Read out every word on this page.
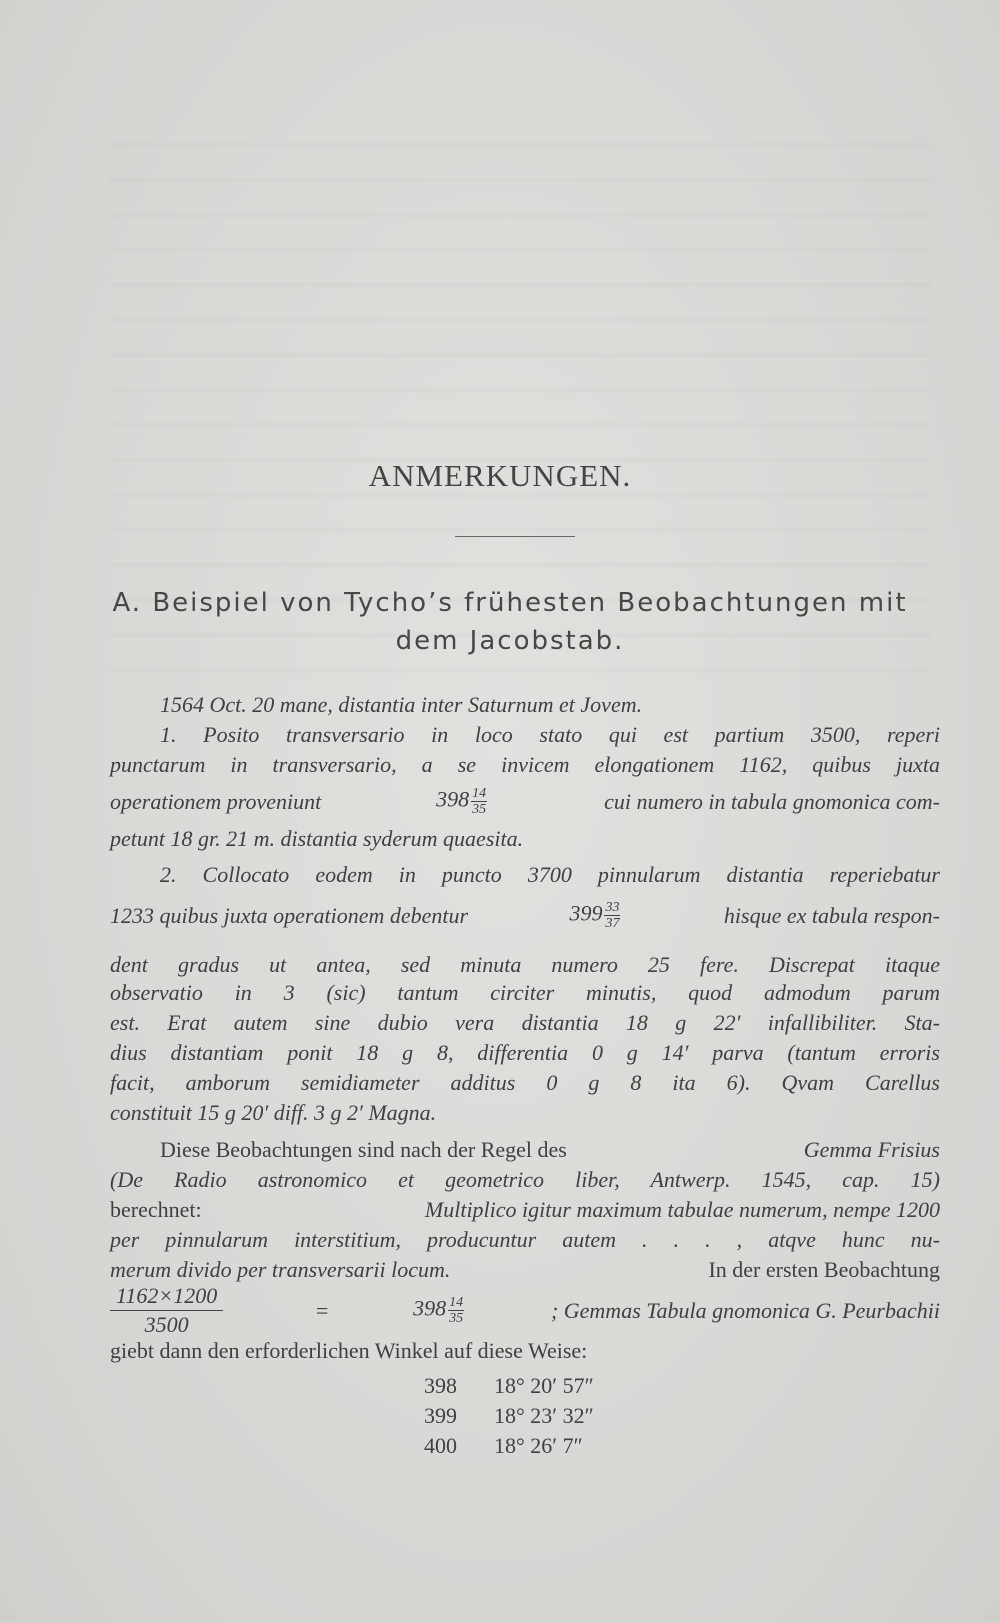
ANMERKUNGEN.
A. Beispiel von Tycho’s frühesten Beobachtungen mit
dem Jacobstab.
1564 Oct. 20 mane, distantia inter Saturnum et Jovem.
1. Posito transversario in loco stato qui est partium 3500, reperi
punctarum in transversario, a se invicem elongationem 1162, quibus juxta
operationem proveniunt	$398 \frac{14}{35}$	cui numero in tabula gnomonica com-
petunt 18 gr. 21 m. distantia syderum quaesita.
2. Collocato eodem in puncto 3700 pinnularum distantia reperiebatur
1233 quibus juxta operationem debentur	$399 \frac{33}{37}$	hisque ex tabula respon-
dent gradus ut antea, sed minuta numero 25 fere. Discrepat itaque
observatio in 3 (sic) tantum circiter minutis, quod admodum parum
est. Erat autem sine dubio vera distantia 18 g 22′ infallibiliter. Sta-
dius distantiam ponit 18 g 8, differentia 0 g 14′ parva (tantum erroris
facit, amborum semidiameter additus 0 g 8 ita 6). Qvam Carellus
constituit 15 g 20′ diff. 3 g 2′ Magna.
Diese Beobachtungen sind nach der Regel des	Gemma Frisius
(De Radio astronomico et geometrico liber, Antwerp. 1545, cap. 15)
berechnet:	Multiplico igitur maximum tabulae numerum, nempe 1200
per pinnularum interstitium, producuntur autem . . . , atqve hunc nu-
merum divido per transversarii locum.	In der ersten Beobachtung
$\frac{1162\times 1200}{3500}$	=	$398 \frac{14}{35}$	; Gemmas Tabula gnomonica G. Peurbachii
giebt dann den erforderlichen Winkel auf diese Weise:
398 18° 20′ 57″
399 18° 23′ 32″
400 18° 26′ 7″
